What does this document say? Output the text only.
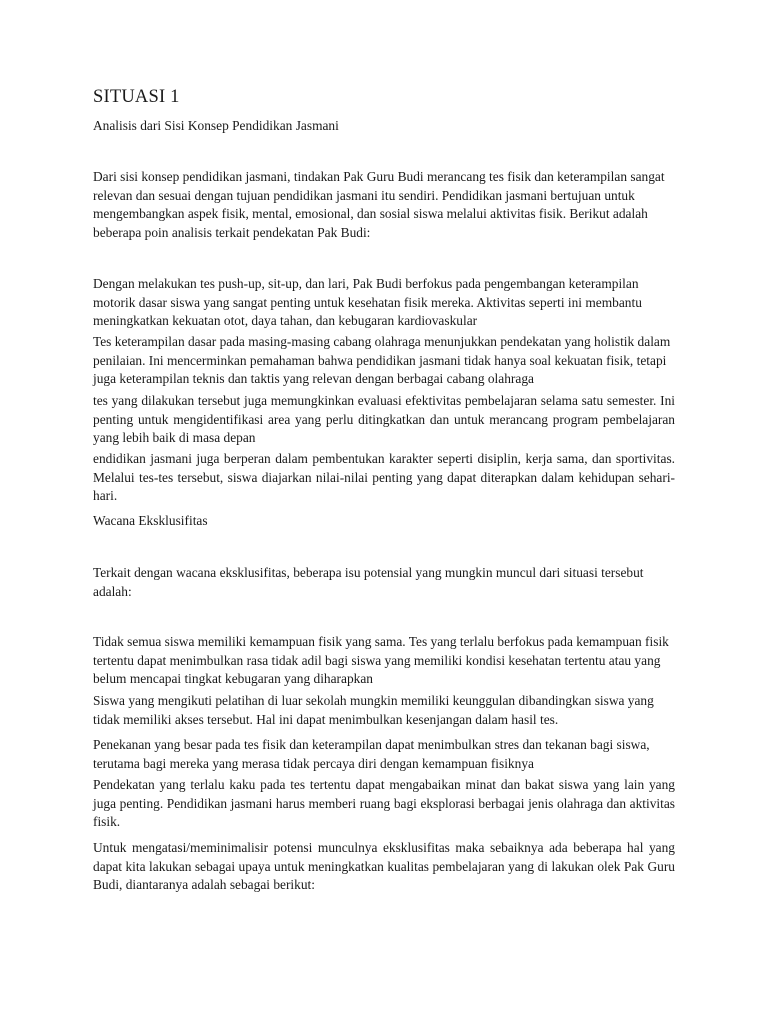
SITUASI 1

Analisis dari Sisi Konsep Pendidikan Jasmani

Dari sisi konsep pendidikan jasmani, tindakan Pak Guru Budi merancang tes fisik dan keterampilan sangat relevan dan sesuai dengan tujuan pendidikan jasmani itu sendiri. Pendidikan jasmani bertujuan untuk mengembangkan aspek fisik, mental, emosional, dan sosial siswa melalui aktivitas fisik. Berikut adalah beberapa poin analisis terkait pendekatan Pak Budi:

Dengan melakukan tes push-up, sit-up, dan lari, Pak Budi berfokus pada pengembangan keterampilan motorik dasar siswa yang sangat penting untuk kesehatan fisik mereka. Aktivitas seperti ini membantu meningkatkan kekuatan otot, daya tahan, dan kebugaran kardiovaskular

Tes keterampilan dasar pada masing-masing cabang olahraga menunjukkan pendekatan yang holistik dalam penilaian. Ini mencerminkan pemahaman bahwa pendidikan jasmani tidak hanya soal kekuatan fisik, tetapi juga keterampilan teknis dan taktis yang relevan dengan berbagai cabang olahraga

tes yang dilakukan tersebut juga memungkinkan evaluasi efektivitas pembelajaran selama satu semester. Ini penting untuk mengidentifikasi area yang perlu ditingkatkan dan untuk merancang program pembelajaran yang lebih baik di masa depan

endidikan jasmani juga berperan dalam pembentukan karakter seperti disiplin, kerja sama, dan sportivitas. Melalui tes-tes tersebut, siswa diajarkan nilai-nilai penting yang dapat diterapkan dalam kehidupan sehari-hari.

Wacana Eksklusifitas

Terkait dengan wacana eksklusifitas, beberapa isu potensial yang mungkin muncul dari situasi tersebut adalah:

Tidak semua siswa memiliki kemampuan fisik yang sama. Tes yang terlalu berfokus pada kemampuan fisik tertentu dapat menimbulkan rasa tidak adil bagi siswa yang memiliki kondisi kesehatan tertentu atau yang belum mencapai tingkat kebugaran yang diharapkan

Siswa yang mengikuti pelatihan di luar sekolah mungkin memiliki keunggulan dibandingkan siswa yang tidak memiliki akses tersebut. Hal ini dapat menimbulkan kesenjangan dalam hasil tes.

Penekanan yang besar pada tes fisik dan keterampilan dapat menimbulkan stres dan tekanan bagi siswa, terutama bagi mereka yang merasa tidak percaya diri dengan kemampuan fisiknya

Pendekatan yang terlalu kaku pada tes tertentu dapat mengabaikan minat dan bakat siswa yang lain yang juga penting. Pendidikan jasmani harus memberi ruang bagi eksplorasi berbagai jenis olahraga dan aktivitas fisik.

Untuk mengatasi/meminimalisir potensi munculnya eksklusifitas maka sebaiknya ada beberapa hal yang dapat kita lakukan sebagai upaya untuk meningkatkan kualitas pembelajaran yang di lakukan olek Pak Guru Budi, diantaranya adalah sebagai berikut:
